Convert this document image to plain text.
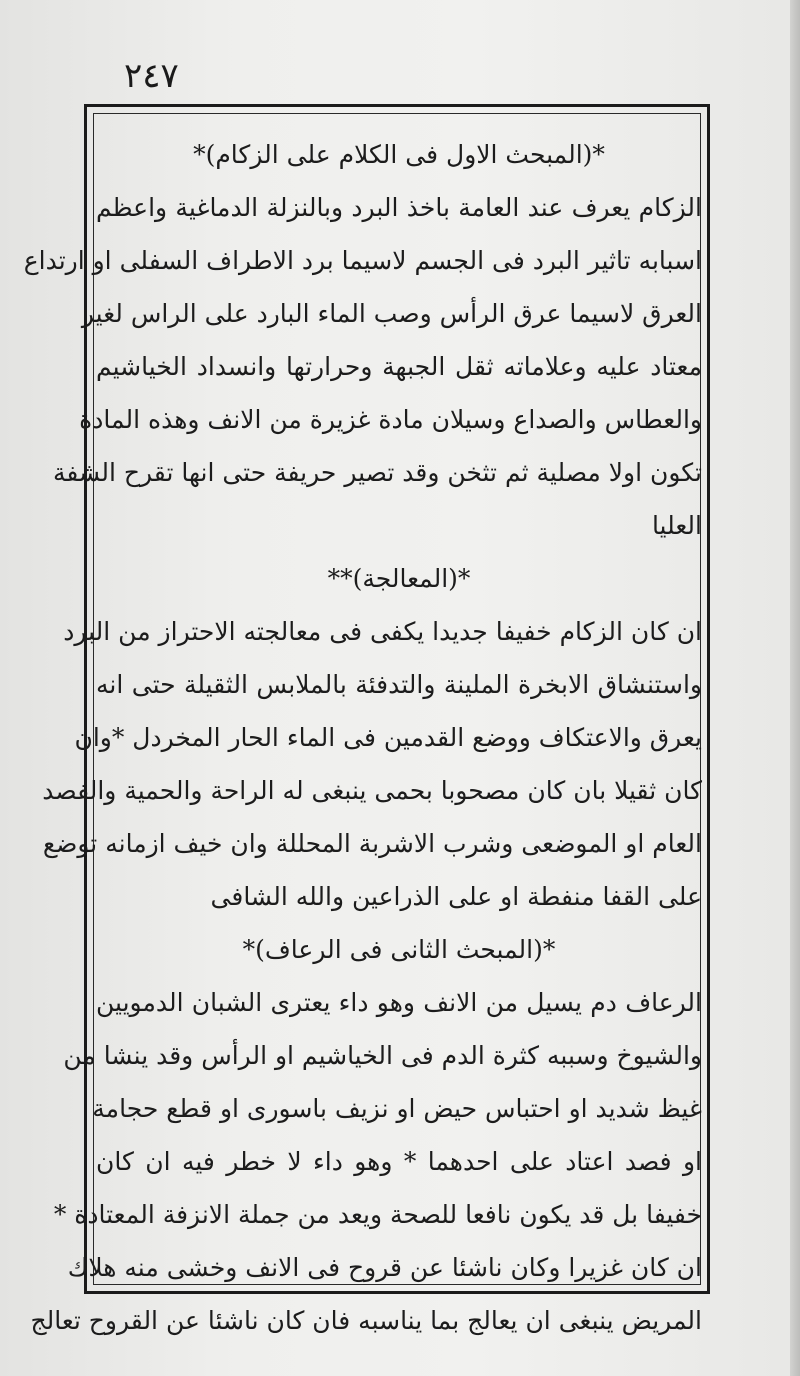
٢٤٧
*(المبحث الاول فى الكلام على الزكام)*
الزكام يعرف عند العامة باخذ البرد وبالنزلة الدماغية واعظم
اسبابه تاثير البرد فى الجسم لاسيما برد الاطراف السفلى او ارتداع
العرق لاسيما عرق الرأس وصب الماء البارد على الراس لغير
معتاد عليه وعلاماته ثقل الجبهة وحرارتها وانسداد الخياشيم
والعطاس والصداع وسيلان مادة غزيرة من الانف وهذه المادة
تكون اولا مصلية ثم تثخن وقد تصير حريفة حتى انها تقرح الشفة
العليا
*(المعالجة)**
ان كان الزكام خفيفا جديدا يكفى فى معالجته الاحتراز من البرد
واستنشاق الابخرة الملينة والتدفئة بالملابس الثقيلة حتى انه
يعرق والاعتكاف ووضع القدمين فى الماء الحار المخردل *وان
كان ثقيلا بان كان مصحوبا بحمى ينبغى له الراحة والحمية والفصد
العام او الموضعى وشرب الاشربة المحللة وان خيف ازمانه توضع
على القفا منفطة او على الذراعين والله الشافى
*(المبحث الثانى فى الرعاف)*
الرعاف دم يسيل من الانف وهو داء يعترى الشبان الدمويين
والشيوخ وسببه كثرة الدم فى الخياشيم او الرأس وقد ينشا من
غيظ شديد او احتباس حيض او نزيف باسورى او قطع حجامة
او فصد اعتاد على احدهما * وهو داء لا خطر فيه ان كان
خفيفا بل قد يكون نافعا للصحة ويعد من جملة الانزفة المعتادة *
ان كان غزيرا وكان ناشئا عن قروح فى الانف وخشى منه هلاك
المريض ينبغى ان يعالج بما يناسبه فان كان ناشئا عن القروح تعالج
